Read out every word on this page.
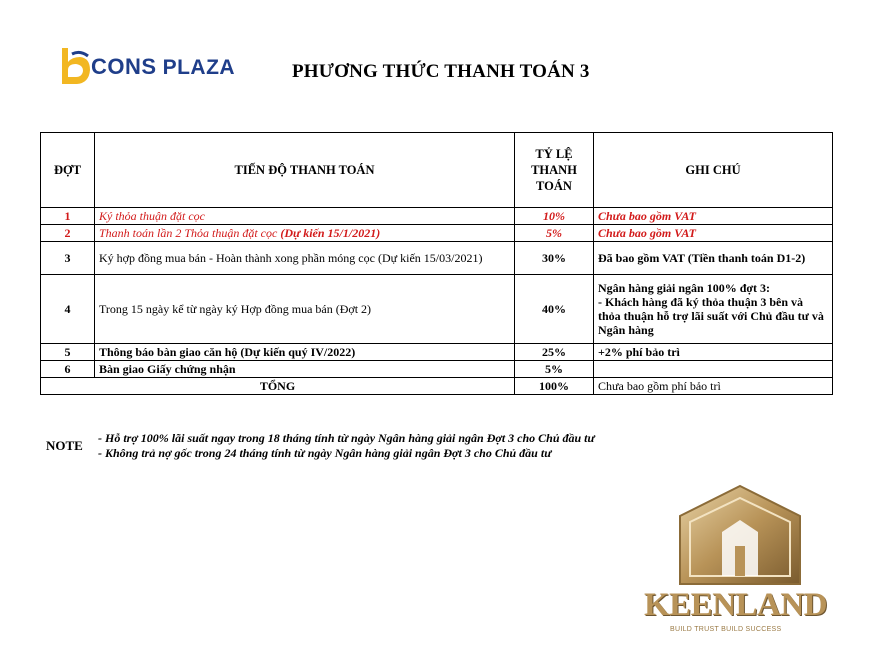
CONS PLAZA	PHƯƠNG THỨC THANH TOÁN 3
ĐỢT	TIẾN ĐỘ THANH TOÁN	TỶ LỆ THANH TOÁN	GHI CHÚ
1	Ký thỏa thuận đặt cọc	10%	Chưa bao gồm VAT
2	Thanh toán lần 2 Thỏa thuận đặt cọc (Dự kiến 15/1/2021)	5%	Chưa bao gồm VAT
3	Ký hợp đồng mua bán - Hoàn thành xong phần móng cọc (Dự kiến 15/03/2021)	30%	Đã bao gồm VAT (Tiền thanh toán D1-2)
4	Trong 15 ngày kể từ ngày ký Hợp đồng mua bán (Đợt 2)	40%	Ngân hàng giải ngân 100% đợt 3:
- Khách hàng đã ký thỏa thuận 3 bên và thỏa thuận hỗ trợ lãi suất với Chủ đầu tư và Ngân hàng

5	Thông báo bàn giao căn hộ (Dự kiến quý IV/2022)	25%	+2% phí bảo trì
6	Bàn giao Giấy chứng nhận	5%	
TỔNG		100%	Chưa bao gồm phí bảo trì
NOTE - Hỗ trợ 100% lãi suất ngay trong 18 tháng tính từ ngày Ngân hàng giải ngân Đợt 3 cho Chủ đầu tư
- Không trả nợ gốc trong 24 tháng tính từ ngày Ngân hàng giải ngân Đợt 3 cho Chủ đầu tư
KEENLAND
BUILD TRUST BUILD SUCCESS
